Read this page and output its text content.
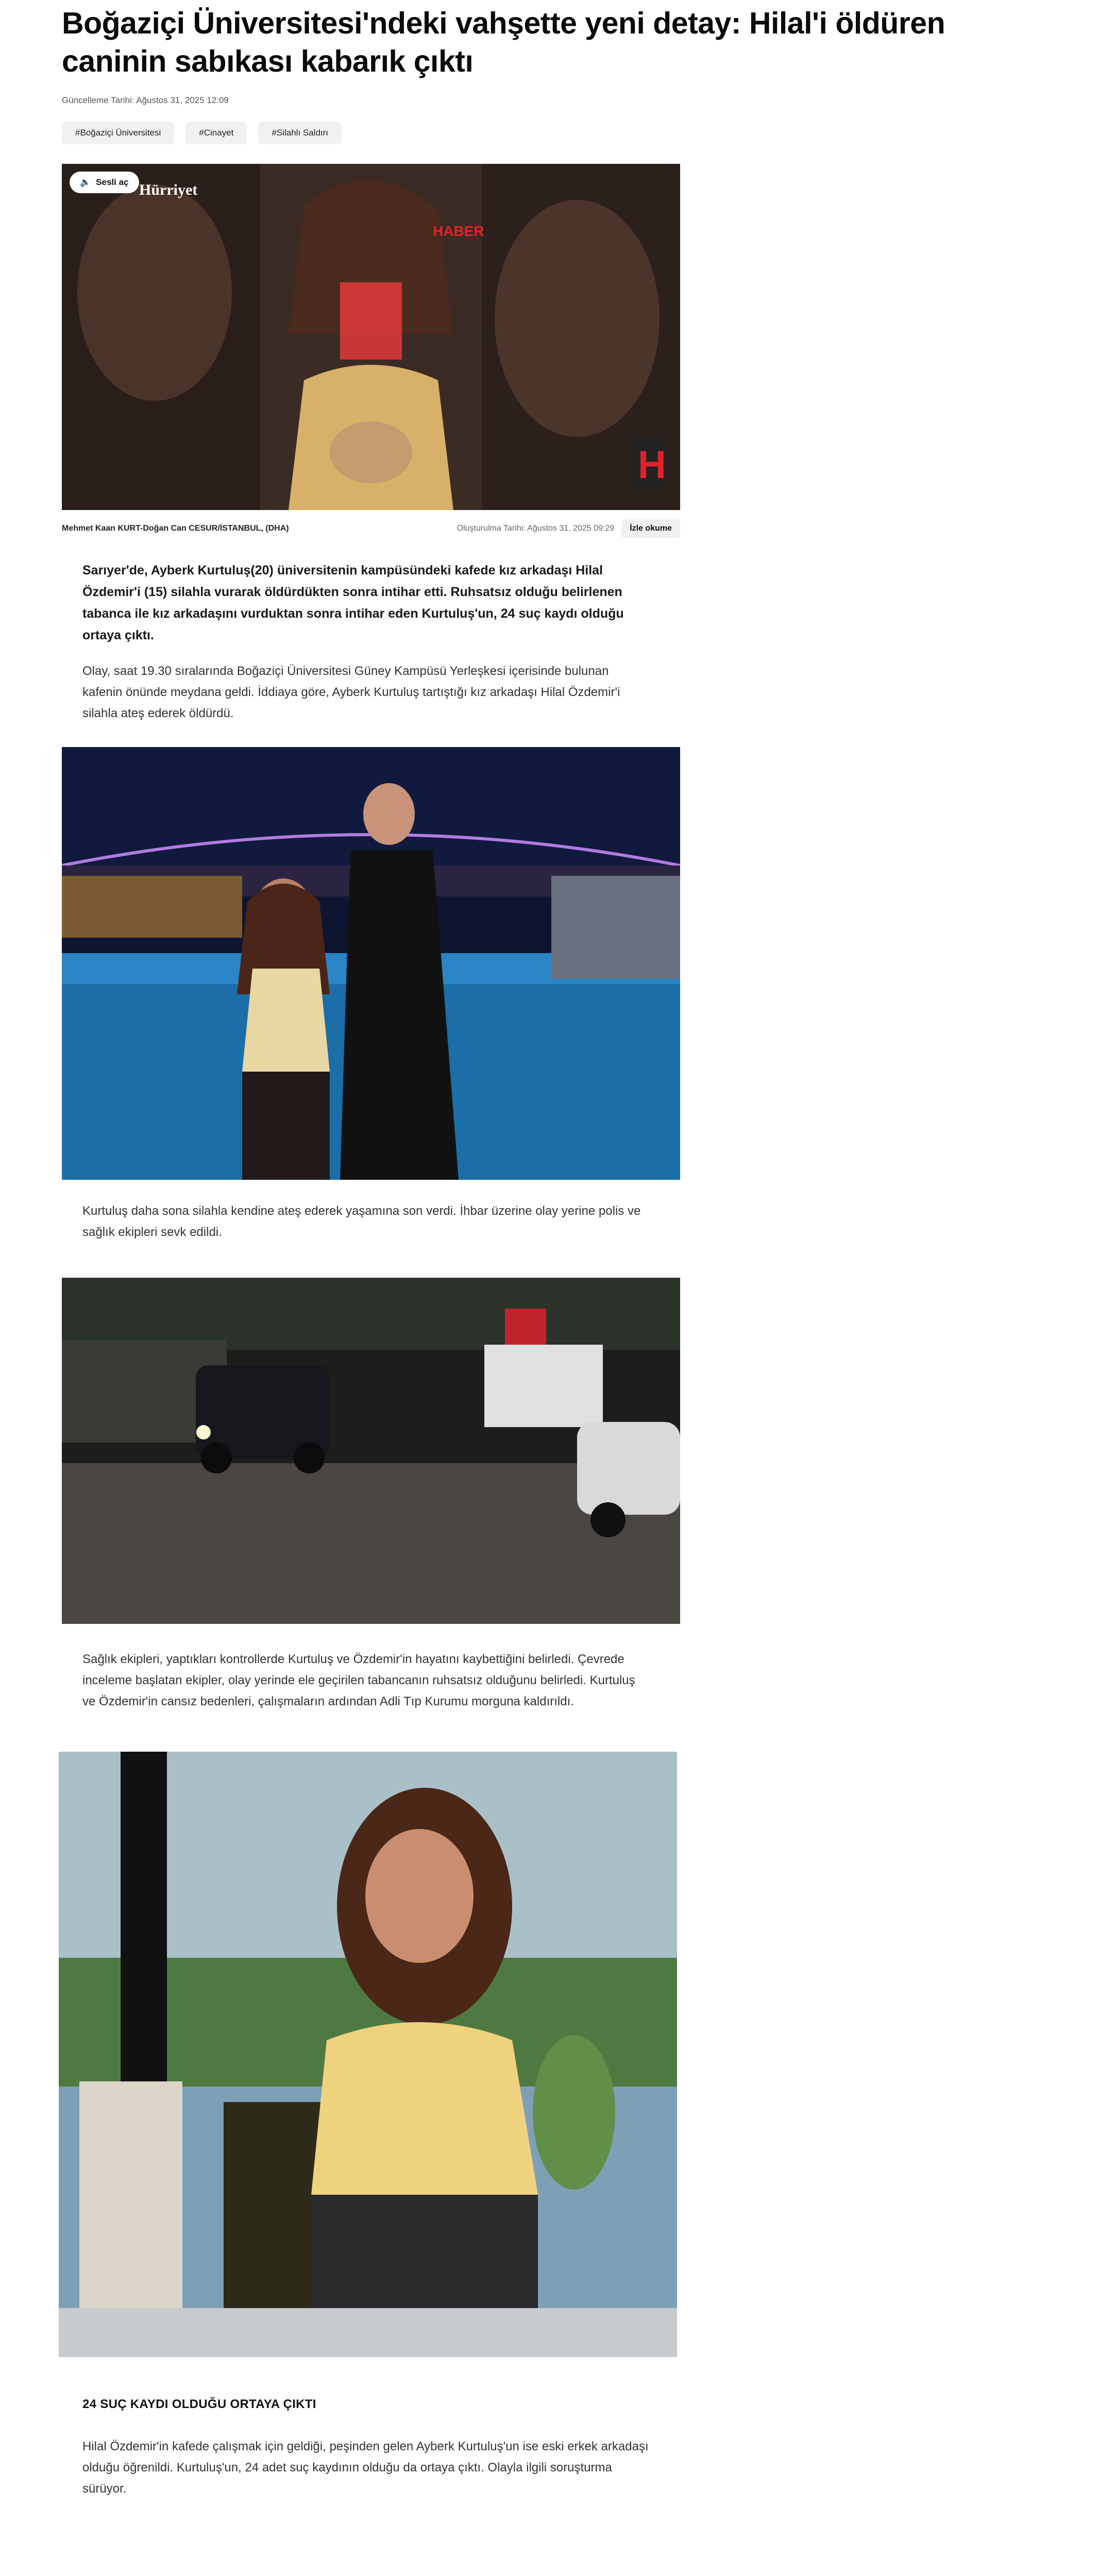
Boğaziçi Üniversitesi'ndeki vahşette yeni detay: Hilal'i öldüren caninin sabıkası kabarık çıktı
Güncelleme Tarihi: Ağustos 31, 2025 12:09
#Boğaziçi Üniversitesi	#Cinayet	#Silahlı Saldırı
HABER
H
Hürriyet
🔈 Sesli aç
Mehmet Kaan KURT-Doğan Can CESUR/İSTANBUL, (DHA)	Oluşturulma Tarihi: Ağustos 31, 2025 09:29	İzle okume

Sarıyer'de, Ayberk Kurtuluş(20) üniversitenin kampüsündeki kafede kız arkadaşı Hilal Özdemir'i (15) silahla vurarak öldürdükten sonra intihar etti. Ruhsatsız olduğu belirlenen tabanca ile kız arkadaşını vurduktan sonra intihar eden Kurtuluş'un, 24 suç kaydı olduğu ortaya çıktı.

Olay, saat 19.30 sıralarında Boğaziçi Üniversitesi Güney Kampüsü Yerleşkesi içerisinde bulunan kafenin önünde meydana geldi. İddiaya göre, Ayberk Kurtuluş tartıştığı kız arkadaşı Hilal Özdemir'i silahla ateş ederek öldürdü.

Kurtuluş daha sona silahla kendine ateş ederek yaşamına son verdi. İhbar üzerine olay yerine polis ve sağlık ekipleri sevk edildi.

Sağlık ekipleri, yaptıkları kontrollerde Kurtuluş ve Özdemir'in hayatını kaybettiğini belirledi. Çevrede inceleme başlatan ekipler, olay yerinde ele geçirilen tabancanın ruhsatsız olduğunu belirledi. Kurtuluş ve Özdemir'in cansız bedenleri, çalışmaların ardından Adli Tıp Kurumu morguna kaldırıldı.

24 SUÇ KAYDI OLDUĞU ORTAYA ÇIKTI

Hilal Özdemir'in kafede çalışmak için geldiği, peşinden gelen Ayberk Kurtuluş'un ise eski erkek arkadaşı olduğu öğrenildi. Kurtuluş'un, 24 adet suç kaydının olduğu da ortaya çıktı. Olayla ilgili soruşturma sürüyor.
